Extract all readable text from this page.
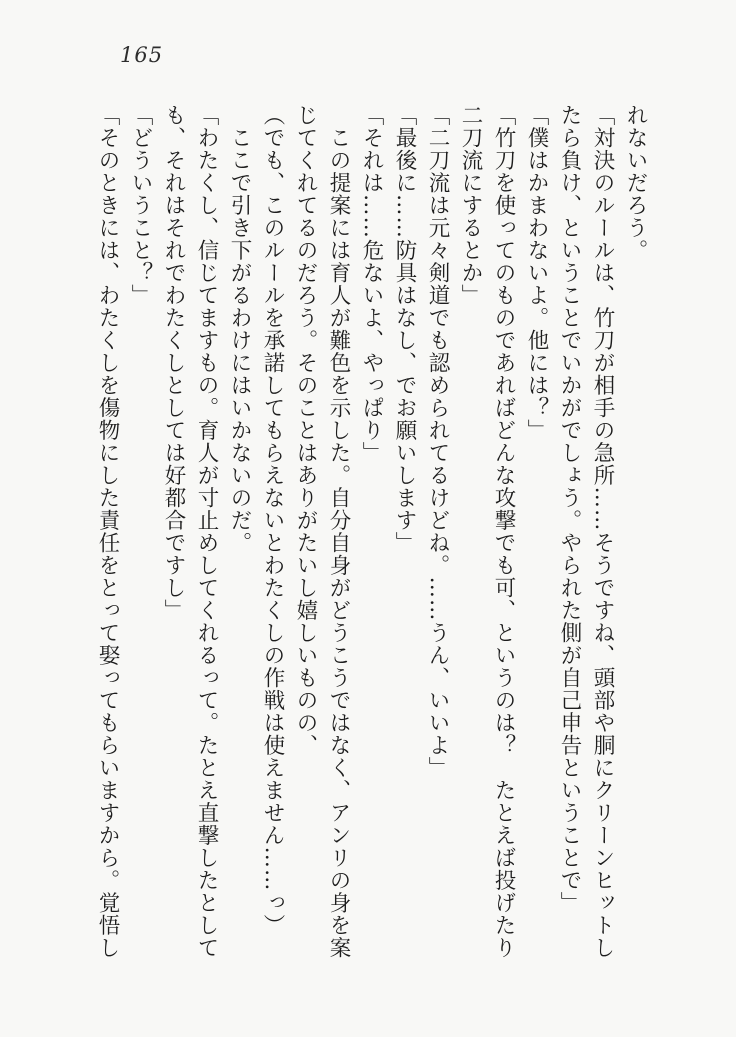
165

れないだろう。

「対決のルールは、竹刀が相手の急所……そうですね、頭部や胴にクリーンヒットしたら負け、ということでいかがでしょう。やられた側が自己申告ということで」

「僕はかまわないよ。他には？」

「竹刀を使ってのものであればどんな攻撃でも可、というのは？　たとえば投げたり二刀流にするとか」

「二刀流は元々剣道でも認められてるけどね。……うん、いいよ」

「最後に……防具はなし、でお願いします」

「それは……危ないよ、やっぱり」

　この提案には育人が難色を示した。自分自身がどうこうではなく、アンリの身を案じてくれてるのだろう。そのことはありがたいし嬉しいものの、

（でも、このルールを承諾してもらえないとわたくしの作戦は使えません……っ）

　ここで引き下がるわけにはいかないのだ。

「わたくし、信じてますもの。育人が寸止めしてくれるって。たとえ直撃したとしても、それはそれでわたくしとしては好都合ですし」

「どういうこと？」

「そのときには、わたくしを傷物にした責任をとって娶ってもらいますから。覚悟し
